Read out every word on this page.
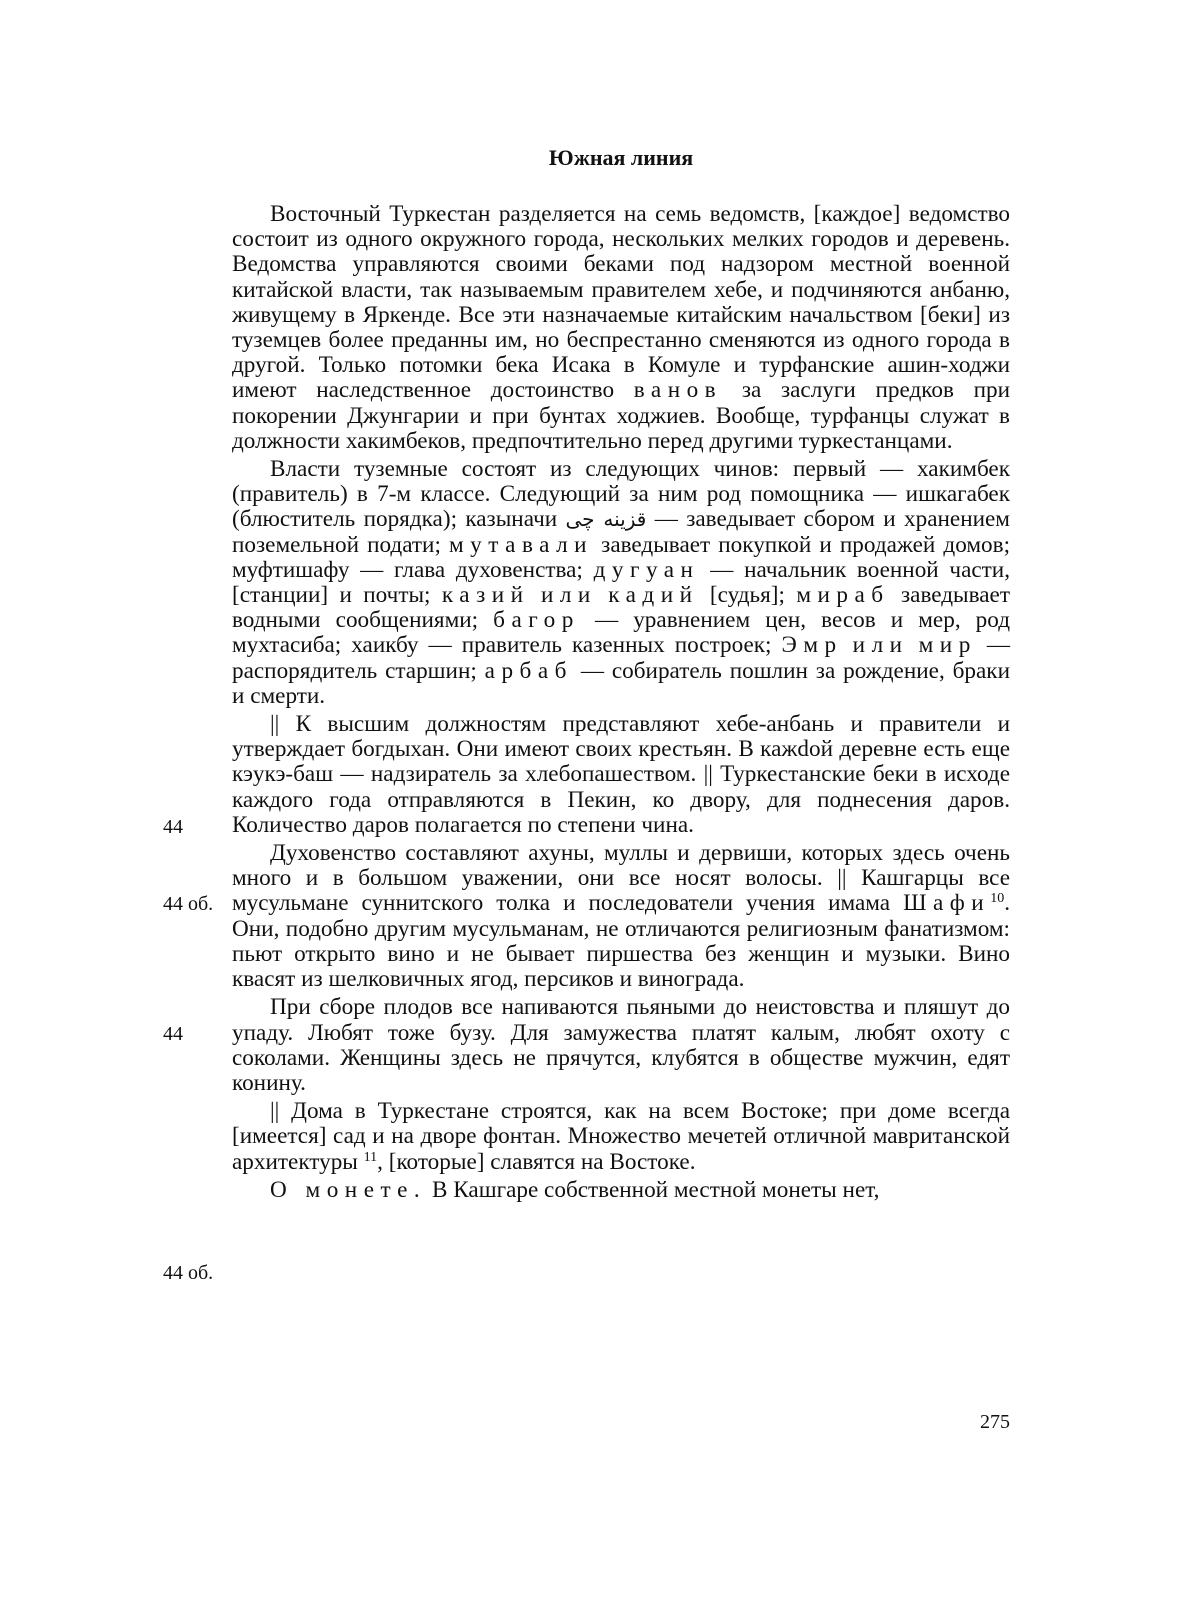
Южная линия

Восточный Туркестан разделяется на семь ведомств, [каждое] ведомство состоит из одного окружного города, нескольких мелких городов и деревень. Ведомства управляются своими беками под надзором местной военной китайской власти, так называемым правителем хебе, и подчиняются анбаню, живущему в Яркенде. Все эти назначаемые китайским начальством [беки] из туземцев более преданны им, но беспрестанно сменяются из одного города в другой. Только потомки бека Исака в Комуле и турфанские ашин-ходжи имеют наследственное достоинство ванов за заслуги предков при покорении Джунгарии и при бунтах ходжиев. Вообще, турфанцы служат в должности хакимбеков, предпочтительно перед другими туркестанцами.

Власти туземные состоят из следующих чинов: первый — хакимбек (правитель) в 7-м классе. Следующий за ним род помощника — ишкагабек (блюститель порядка); казыначи قزينه چى — заведывает сбором и хранением поземельной подати; мутавали заведывает покупкой и продажей домов; муфтишафу — глава духовенства; дугуан — начальник военной части, [станции] и почты; казий или кадий [судья]; мираб заведывает водными сообщениями; багор — уравнением цен, весов и мер, род мухтасиба; хаикбу — правитель казенных построек; Эмр или мир — распорядитель старшин; арбаб — собиратель пошлин за рождение, браки и смерти.

|| К высшим должностям представляют хебе-анбань и правители и утверждает богдыхан. Они имеют своих крестьян. В кажdой деревне есть еще кэукэ-баш — надзиратель за хлебопашеством. || Туркестанские беки в исходе каждого года отправляются в Пекин, ко двору, для поднесения даров. Количество даров полагается по степени чина.

Духовенство составляют ахуны, муллы и дервиши, которых здесь очень много и в большом уважении, они все носят волосы. || Кашгарцы все мусульмане суннитского толка и последователи учения имама Шафи$^{10}$. Они, подобно другим мусульманам, не отличаются религиозным фанатизмом: пьют открыто вино и не бывает пиршества без женщин и музыки. Вино квасят из шелковичных ягод, персиков и винограда.

При сборе плодов все напиваются пьяными до неистовства и пляшут до упаду. Любят тоже бузу. Для замужества платят калым, любят охоту с соколами. Женщины здесь не прячутся, клубятся в обществе мужчин, едят конину.

|| Дома в Туркестане строятся, как на всем Востоке; при доме всегда [имеется] сад и на дворе фонтан. Множество мечетей отличной мавританской архитектуры $^{11}$, [которые] славятся на Востоке.

О монете. В Кашгаре собственной местной монеты нет,

44
44 об.
44
44 об.
275
